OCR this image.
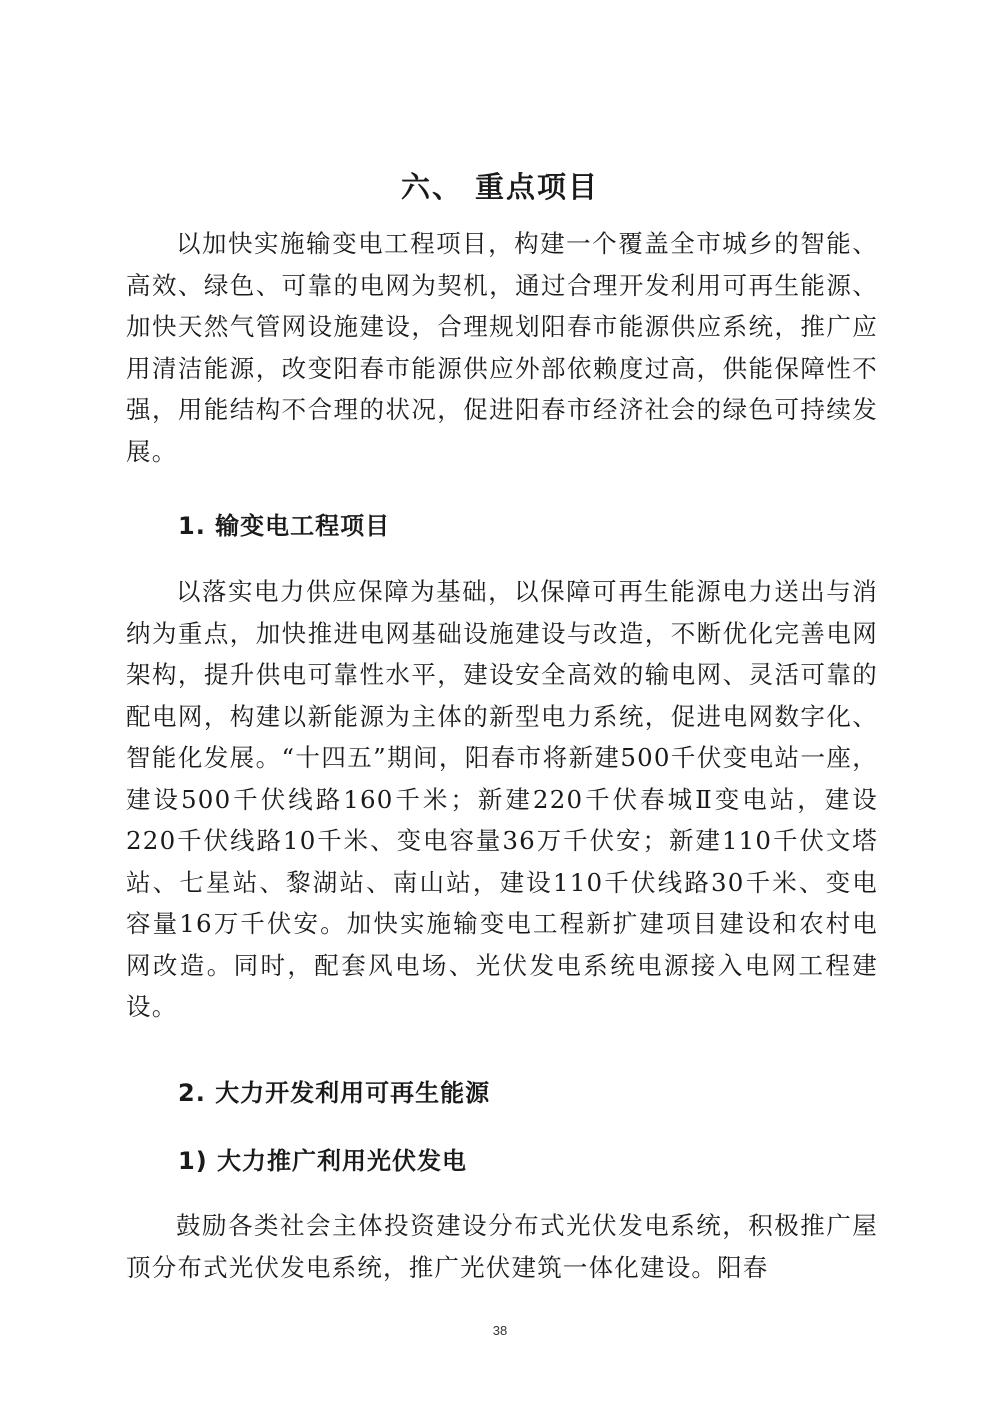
六、 重点项目

以加快实施输变电工程项目，构建一个覆盖全市城乡的智能、高效、绿色、可靠的电网为契机，通过合理开发利用可再生能源、加快天然气管网设施建设，合理规划阳春市能源供应系统，推广应用清洁能源，改变阳春市能源供应外部依赖度过高，供能保障性不强，用能结构不合理的状况，促进阳春市经济社会的绿色可持续发展。

1. 输变电工程项目

以落实电力供应保障为基础，以保障可再生能源电力送出与消纳为重点，加快推进电网基础设施建设与改造，不断优化完善电网架构，提升供电可靠性水平，建设安全高效的输电网、灵活可靠的配电网，构建以新能源为主体的新型电力系统，促进电网数字化、智能化发展。“十四五”期间，阳春市将新建500千伏变电站一座，建设500千伏线路160千米；新建220千伏春城Ⅱ变电站，建设220千伏线路10千米、变电容量36万千伏安；新建110千伏文塔站、七星站、黎湖站、南山站，建设110千伏线路30千米、变电容量16万千伏安。加快实施输变电工程新扩建项目建设和农村电网改造。同时，配套风电场、光伏发电系统电源接入电网工程建设。

2. 大力开发利用可再生能源
1) 大力推广利用光伏发电

鼓励各类社会主体投资建设分布式光伏发电系统，积极推广屋顶分布式光伏发电系统，推广光伏建筑一体化建设。阳春

38
